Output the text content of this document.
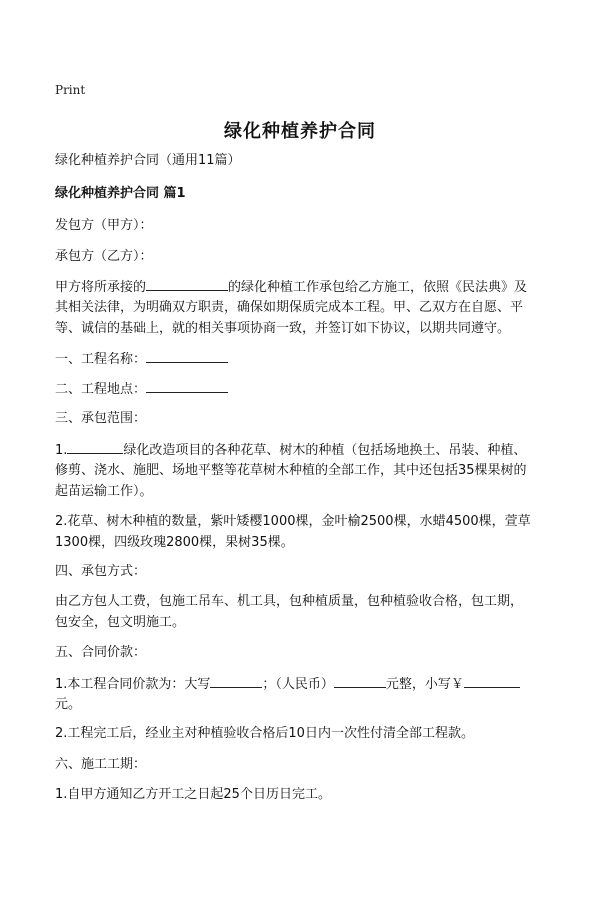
Print
绿化种植养护合同
绿化种植养护合同（通用11篇）
绿化种植养护合同 篇1
发包方（甲方）：
承包方（乙方）：
甲方将所承接的	的绿化种植工作承包给乙方施工，依照《民法典》及
其相关法律，为明确双方职责，确保如期保质完成本工程。甲、乙双方在自愿、平
等、诚信的基础上，就的相关事项协商一致，并签订如下协议，以期共同遵守。
一、工程名称：
二、工程地点：
三、承包范围：
1.	绿化改造项目的各种花草、树木的种植（包括场地换土、吊装、种植、
修剪、浇水、施肥、场地平整等花草树木种植的全部工作，其中还包括35棵果树的
起苗运输工作）。
2.花草、树木种植的数量，紫叶矮樱1000棵，金叶榆2500棵，水蜡4500棵，萱草
1300棵，四级玫瑰2800棵，果树35棵。
四、承包方式：
由乙方包人工费，包施工吊车、机工具，包种植质量，包种植验收合格，包工期，
包安全，包文明施工。
五、合同价款：
1.本工程合同价款为：大写	；（人民币）	元整，小写￥
元。
2.工程完工后，经业主对种植验收合格后10日内一次性付清全部工程款。
六、施工工期：
1.自甲方通知乙方开工之日起25个日历日完工。
